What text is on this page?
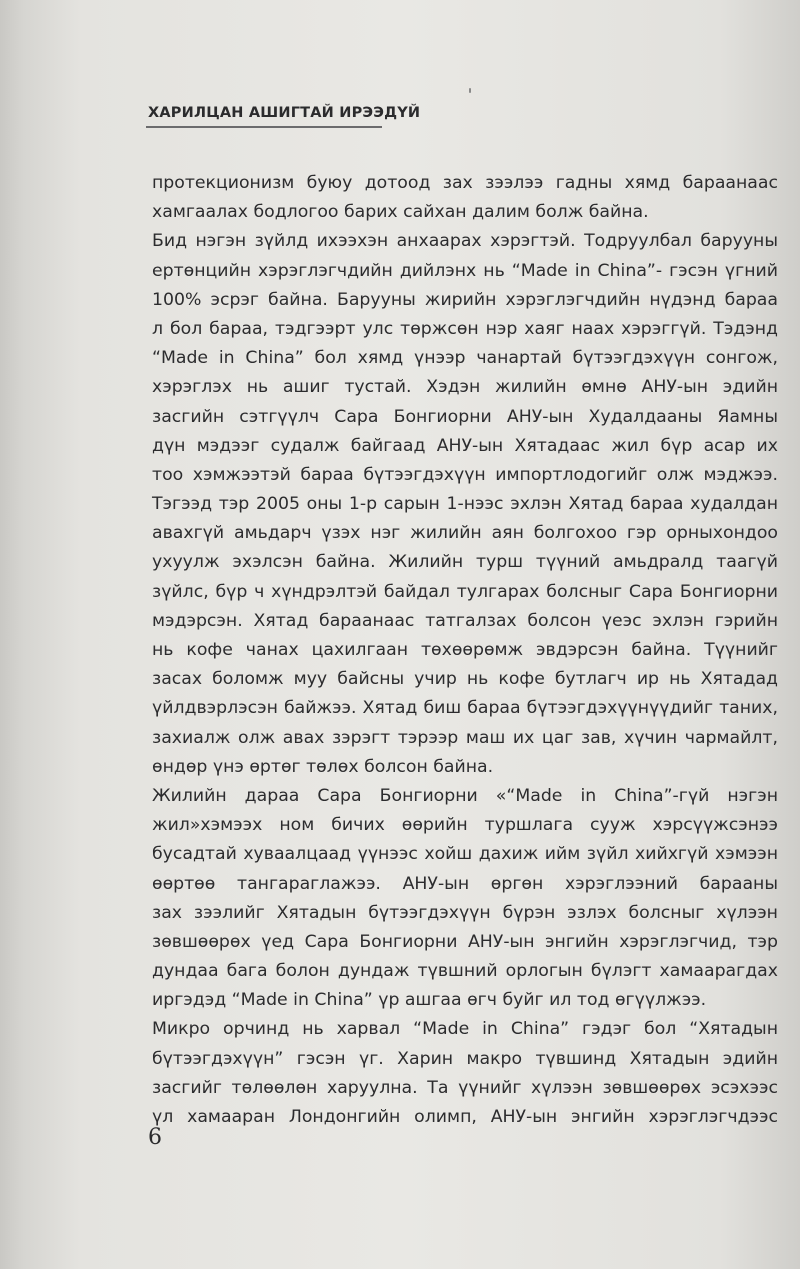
ХАРИЛЦАН АШИГТАЙ ИРЭЭДҮЙ
протекционизм буюу дотоод зах зээлээ гадны хямд бараанаас
хамгаалах бодлогоо барих сайхан далим болж байна.
Бид нэгэн зүйлд ихээхэн анхаарах хэрэгтэй. Тодруулбал барууны
ертөнцийн хэрэглэгчдийн дийлэнх нь “Made in China”- гэсэн үгний
100% эсрэг байна. Барууны жирийн хэрэглэгчдийн нүдэнд бараа
л бол бараа, тэдгээрт улс төржсөн нэр хаяг наах хэрэггүй. Тэдэнд
“Made in China” бол хямд үнээр чанартай бүтээгдэхүүн сонгож,
хэрэглэх нь ашиг тустай. Хэдэн жилийн өмнө АНУ-ын эдийн
засгийн сэтгүүлч Сара Бонгиорни АНУ-ын Худалдааны Яамны
дүн мэдээг судалж байгаад АНУ-ын Хятадаас жил бүр асар их
тоо хэмжээтэй бараа бүтээгдэхүүн импортлодогийг олж мэджээ.
Тэгээд тэр 2005 оны 1-р сарын 1-нээс эхлэн Хятад бараа худалдан
авахгүй амьдарч үзэх нэг жилийн аян болгохоо гэр орныхондоо
ухуулж эхэлсэн байна. Жилийн турш түүний амьдралд таагүй
зүйлс, бүр ч хүндрэлтэй байдал тулгарах болсныг Сара Бонгиорни
мэдэрсэн. Хятад бараанаас татгалзах болсон үеэс эхлэн гэрийн
нь кофе чанах цахилгаан төхөөрөмж эвдэрсэн байна. Түүнийг
засах боломж муу байсны учир нь кофе бутлагч ир нь Хятадад
үйлдвэрлэсэн байжээ. Хятад биш бараа бүтээгдэхүүнүүдийг таних,
захиалж олж авах зэрэгт тэрээр маш их цаг зав, хүчин чармайлт,
өндөр үнэ өртөг төлөх болсон байна.
Жилийн дараа Сара Бонгиорни «“Made in China”-гүй нэгэн
жил»хэмээх ном бичих өөрийн туршлага сууж хэрсүүжсэнээ
бусадтай хуваалцаад үүнээс хойш дахиж ийм зүйл хийхгүй хэмээн
өөртөө тангараглажээ. АНУ-ын өргөн хэрэглээний барааны
зах зээлийг Хятадын бүтээгдэхүүн бүрэн эзлэх болсныг хүлээн
зөвшөөрөх үед Сара Бонгиорни АНУ-ын энгийн хэрэглэгчид, тэр
дундаа бага болон дундаж түвшний орлогын бүлэгт хамаарагдах
иргэдэд “Made in China” үр ашгаа өгч буйг ил тод өгүүлжээ.
Микро орчинд нь харвал “Made in China” гэдэг бол “Хятадын
бүтээгдэхүүн” гэсэн үг. Харин макро түвшинд Хятадын эдийн
засгийг төлөөлөн харуулна. Та үүнийг хүлээн зөвшөөрөх эсэхээс
үл хамааран Лондонгийн олимп, АНУ-ын энгийн хэрэглэгчдээс
6
